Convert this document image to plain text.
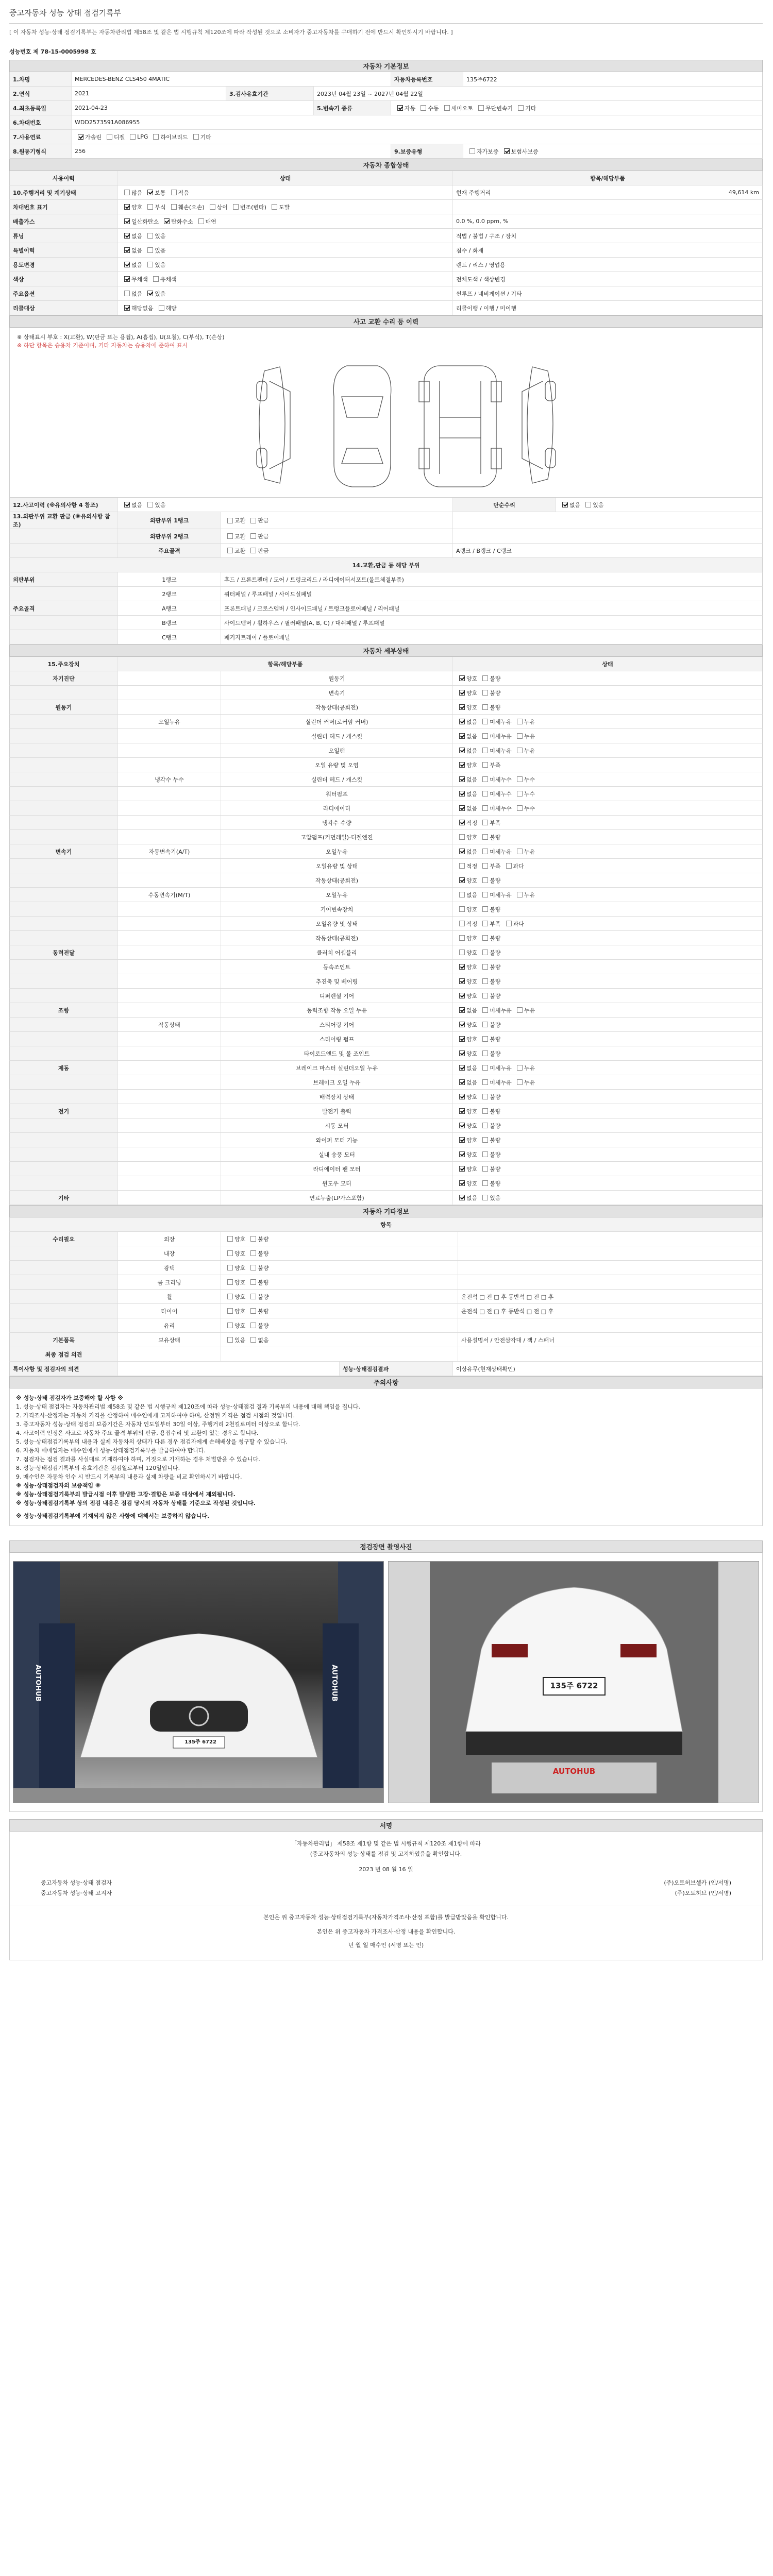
중고자동차 성능 상태 점검기록부
[ 이 자동차 성능·상태 점검기록부는 자동차관리법 제58조 및 같은 법 시행규칙 제120조에 따라 작성된 것으로 소비자가 중고자동차를 구매하기 전에 반드시 확인하시기 바랍니다. ]
성능번호 제 78-15-0005998 호
자동차 기본정보
1.차명	MERCEDES-BENZ CLS450 4MATIC	자동차등록번호	135주6722
2.연식	2021	3.검사유효기간	2023년 04월 23일 ~ 2027년 04월 22일
4.최초등록일	2021-04-23	5.변속기 종류	자동	수동	세미오토	무단변속기	기타
6.차대번호	WDD2573591A086955
7.사용연료	가솔린	디젤	LPG	하이브리드	기타
8.원동기형식	256	9.보증유형	자가보증	보험사보증
자동차 종합상태
사용이력	상태	항목/해당부품
10.주행거리 및 계기상태	많음	보통	적음	현재 주행거리	49,614 km
차대번호 표기	양호	부식	훼손(오손)	상이	변조(변타)	도말
배출가스	일산화탄소	탄화수소	매연	0.0 %, 0.0 ppm, %
튜닝	없음	있음	적법 / 불법 / 구조 / 장치
특별이력	없음	있음	침수 / 화재
용도변경	없음	있음	렌트 / 리스 / 영업용
색상	무채색	유채색	전체도색 / 색상변경
주요옵션	없음	있음	썬루프 / 네비게이션 / 기타
리콜대상	해당없음	해당	리콜이행 / 이행 / 미이행
사고 교환 수리 등 이력
※ 상태표시 부호 : X(교환), W(판금 또는 용접), A(흠집), U(요철), C(부식), T(손상)
※ 하단 항목은 승용차 기준이며, 기타 자동차는 승용차에 준하여 표시
12.사고이력 (※유의사항 4 참조)	없음	있음	단순수리	없음	있음
13.외판부위 교환 판금 (※유의사항 참조)
외판부위 1랭크	교환	판금
외판부위 2랭크	교환	판금
주요골격	교환	판금	A랭크 / B랭크 / C랭크
14.교환,판금 등 해당 부위
외판부위	1랭크	후드 / 프론트펜더 / 도어 / 트렁크리드 / 라디에이터서포트(볼트체결부품)
2랭크	쿼터패널 / 루프패널 / 사이드실패널
주요골격	A랭크	프론트패널 / 크로스멤버 / 인사이드패널 / 트렁크플로어패널 / 리어패널
B랭크	사이드멤버 / 휠하우스 / 필러패널(A, B, C) / 대쉬패널 / 루프패널
C랭크	패키지트레이 / 플로어패널
자동차 세부상태
15.주요장치	항목/해당부품	상태
자기진단	원동기	양호	불량
변속기	양호	불량
원동기	작동상태(공회전)	양호	불량
오일누유	실린더 커버(로커암 커버)	없음	미세누유	누유
실린더 헤드 / 개스킷	없음	미세누유	누유
오일팬	없음	미세누유	누유
오일 유량 및 오염	양호	부족
냉각수 누수	실린더 헤드 / 개스킷	없음	미세누수	누수
워터펌프	없음	미세누수	누수
라디에이터	없음	미세누수	누수
냉각수 수량	적정	부족
고압펌프(커먼레일)-디젤엔진	양호	불량
변속기	자동변속기(A/T)	오일누유	없음	미세누유	누유
오일유량 및 상태	적정	부족	과다
작동상태(공회전)	양호	불량
수동변속기(M/T)	오일누유	없음	미세누유	누유
기어변속장치	양호	불량
오일유량 및 상태	적정	부족	과다
작동상태(공회전)	양호	불량
동력전달	클러치 어셈블리	양호	불량
등속조인트	양호	불량
추진축 및 베어링	양호	불량
디퍼렌셜 기어	양호	불량
조향	동력조향 작동 오일 누유	없음	미세누유	누유
작동상태	스티어링 기어	양호	불량
스티어링 펌프	양호	불량
타이로드엔드 및 볼 조인트	양호	불량
제동	브레이크 마스터 실린더오일 누유	없음	미세누유	누유
브레이크 오일 누유	없음	미세누유	누유
배력장치 상태	양호	불량
전기	발전기 출력	양호	불량
시동 모터	양호	불량
와이퍼 모터 기능	양호	불량
실내 송풍 모터	양호	불량
라디에이터 팬 모터	양호	불량
윈도우 모터	양호	불량
기타	연료누출(LP가스포함)	없음	있음
자동차 기타정보
항목
수리필요	외장	양호	불량
내장	양호	불량
광택	양호	불량
룸 크리닝	양호	불량
휠	양호	불량	운전석 □ 전 □ 후 동반석 □ 전 □ 후
타이어	양호	불량	운전석 □ 전 □ 후 동반석 □ 전 □ 후
유리	양호	불량
기본품목	보유상태	있음	없음	사용설명서 / 안전삼각대 / 잭 / 스패너
최종 점검 의견
특이사항 및 점검자의 의견	성능·상태점검결과	이상유무(현재상태확인)
주의사항
※ 성능·상태 점검자가 보증해야 할 사항 ※
1. 성능·상태 점검자는 자동차관리법 제58조 및 같은 법 시행규칙 제120조에 따라 성능·상태점검 결과 기록부의 내용에 대해 책임을 집니다.
2. 가격조사·산정자는 자동차 가격을 산정하여 매수인에게 고지하여야 하며, 산정된 가격은 점검 시점의 것입니다.
3. 중고자동차 성능·상태 점검의 보증기간은 자동차 인도일부터 30일 이상, 주행거리 2천킬로미터 이상으로 합니다.
4. 사고이력 인정은 사고로 자동차 주요 골격 부위의 판금, 용접수리 및 교환이 있는 경우로 합니다.
5. 성능·상태점검기록부의 내용과 실제 자동차의 상태가 다른 경우 점검자에게 손해배상을 청구할 수 있습니다.
6. 자동차 매매업자는 매수인에게 성능·상태점검기록부를 발급하여야 합니다.
7. 점검자는 점검 결과를 사실대로 기재하여야 하며, 거짓으로 기재하는 경우 처벌받을 수 있습니다.
8. 성능·상태점검기록부의 유효기간은 점검일로부터 120일입니다.
9. 매수인은 자동차 인수 시 반드시 기록부의 내용과 실제 차량을 비교 확인하시기 바랍니다.
※ 성능·상태점검자의 보증책임 ※
※ 성능·상태점검기록부의 발급시점 이후 발생한 고장·결함은 보증 대상에서 제외됩니다.
※ 성능·상태점검기록부 상의 점검 내용은 점검 당시의 자동차 상태를 기준으로 작성된 것입니다.
※ 성능·상태점검기록부에 기재되지 않은 사항에 대해서는 보증하지 않습니다.
점검장면 촬영사진
135주 6722
AUTOHUB	AUTOHUB	135주 6722
AUTOHUB
서명
「자동차관리법」 제58조 제1항 및 같은 법 시행규칙 제120조 제1항에 따라
(중고자동차의 성능·상태를 점검 및 고지하였음을 확인합니다.
2023 년 08 월 16 일
중고자동차 성능·상태 점검자	(주)오토허브셀카 (인/서명)
중고자동차 성능·상태 고지자	(주)오토허브 (인/서명)
본인은 위 중고자동차 성능·상태점검기록부(자동차가격조사·산정 포함)를 발급받았음을 확인합니다.
본인은 위 중고자동차 가격조사·산정 내용을 확인합니다.
년 월 일 매수인 (서명 또는 인)
